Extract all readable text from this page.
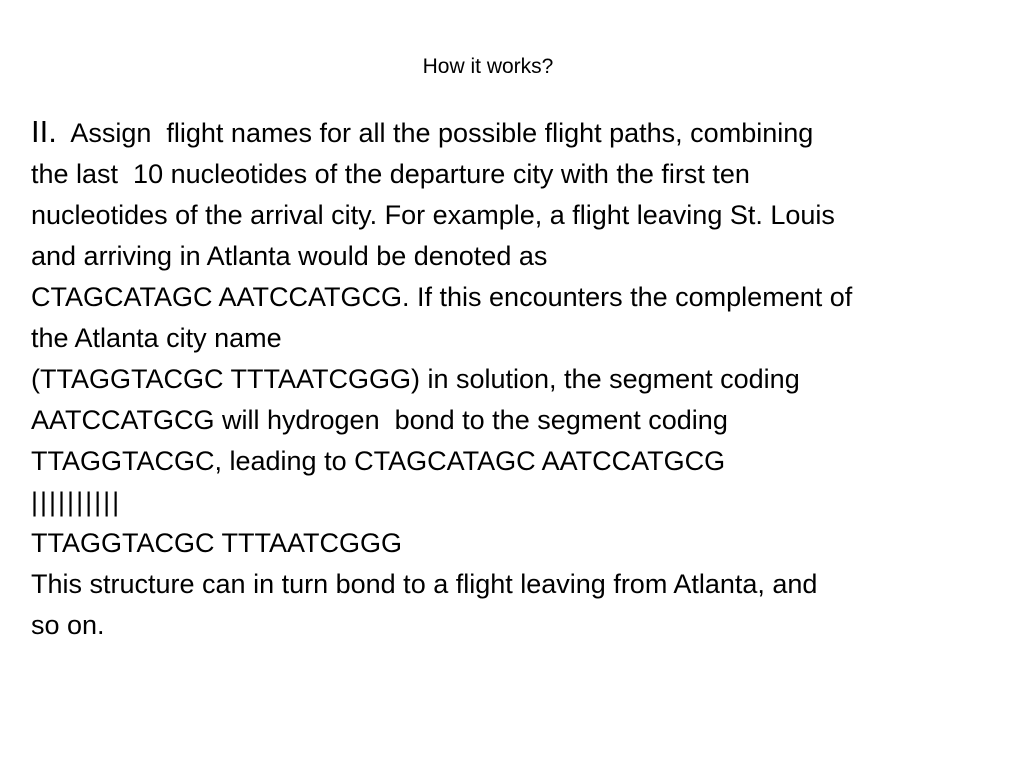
How it works?
II.  Assign  flight names for all the possible flight paths, combining
the last  10 nucleotides of the departure city with the first ten
nucleotides of the arrival city. For example, a flight leaving St. Louis
and arriving in Atlanta would be denoted as
CTAGCATAGC AATCCATGCG. If this encounters the complement of
the Atlanta city name
(TTAGGTACGC TTTAATCGGG) in solution, the segment coding
AATCCATGCG will hydrogen  bond to the segment coding
TTAGGTACGC, leading to CTAGCATAGC AATCCATGCG
||||||||||
TTAGGTACGC TTTAATCGGG
This structure can in turn bond to a flight leaving from Atlanta, and
so on.
